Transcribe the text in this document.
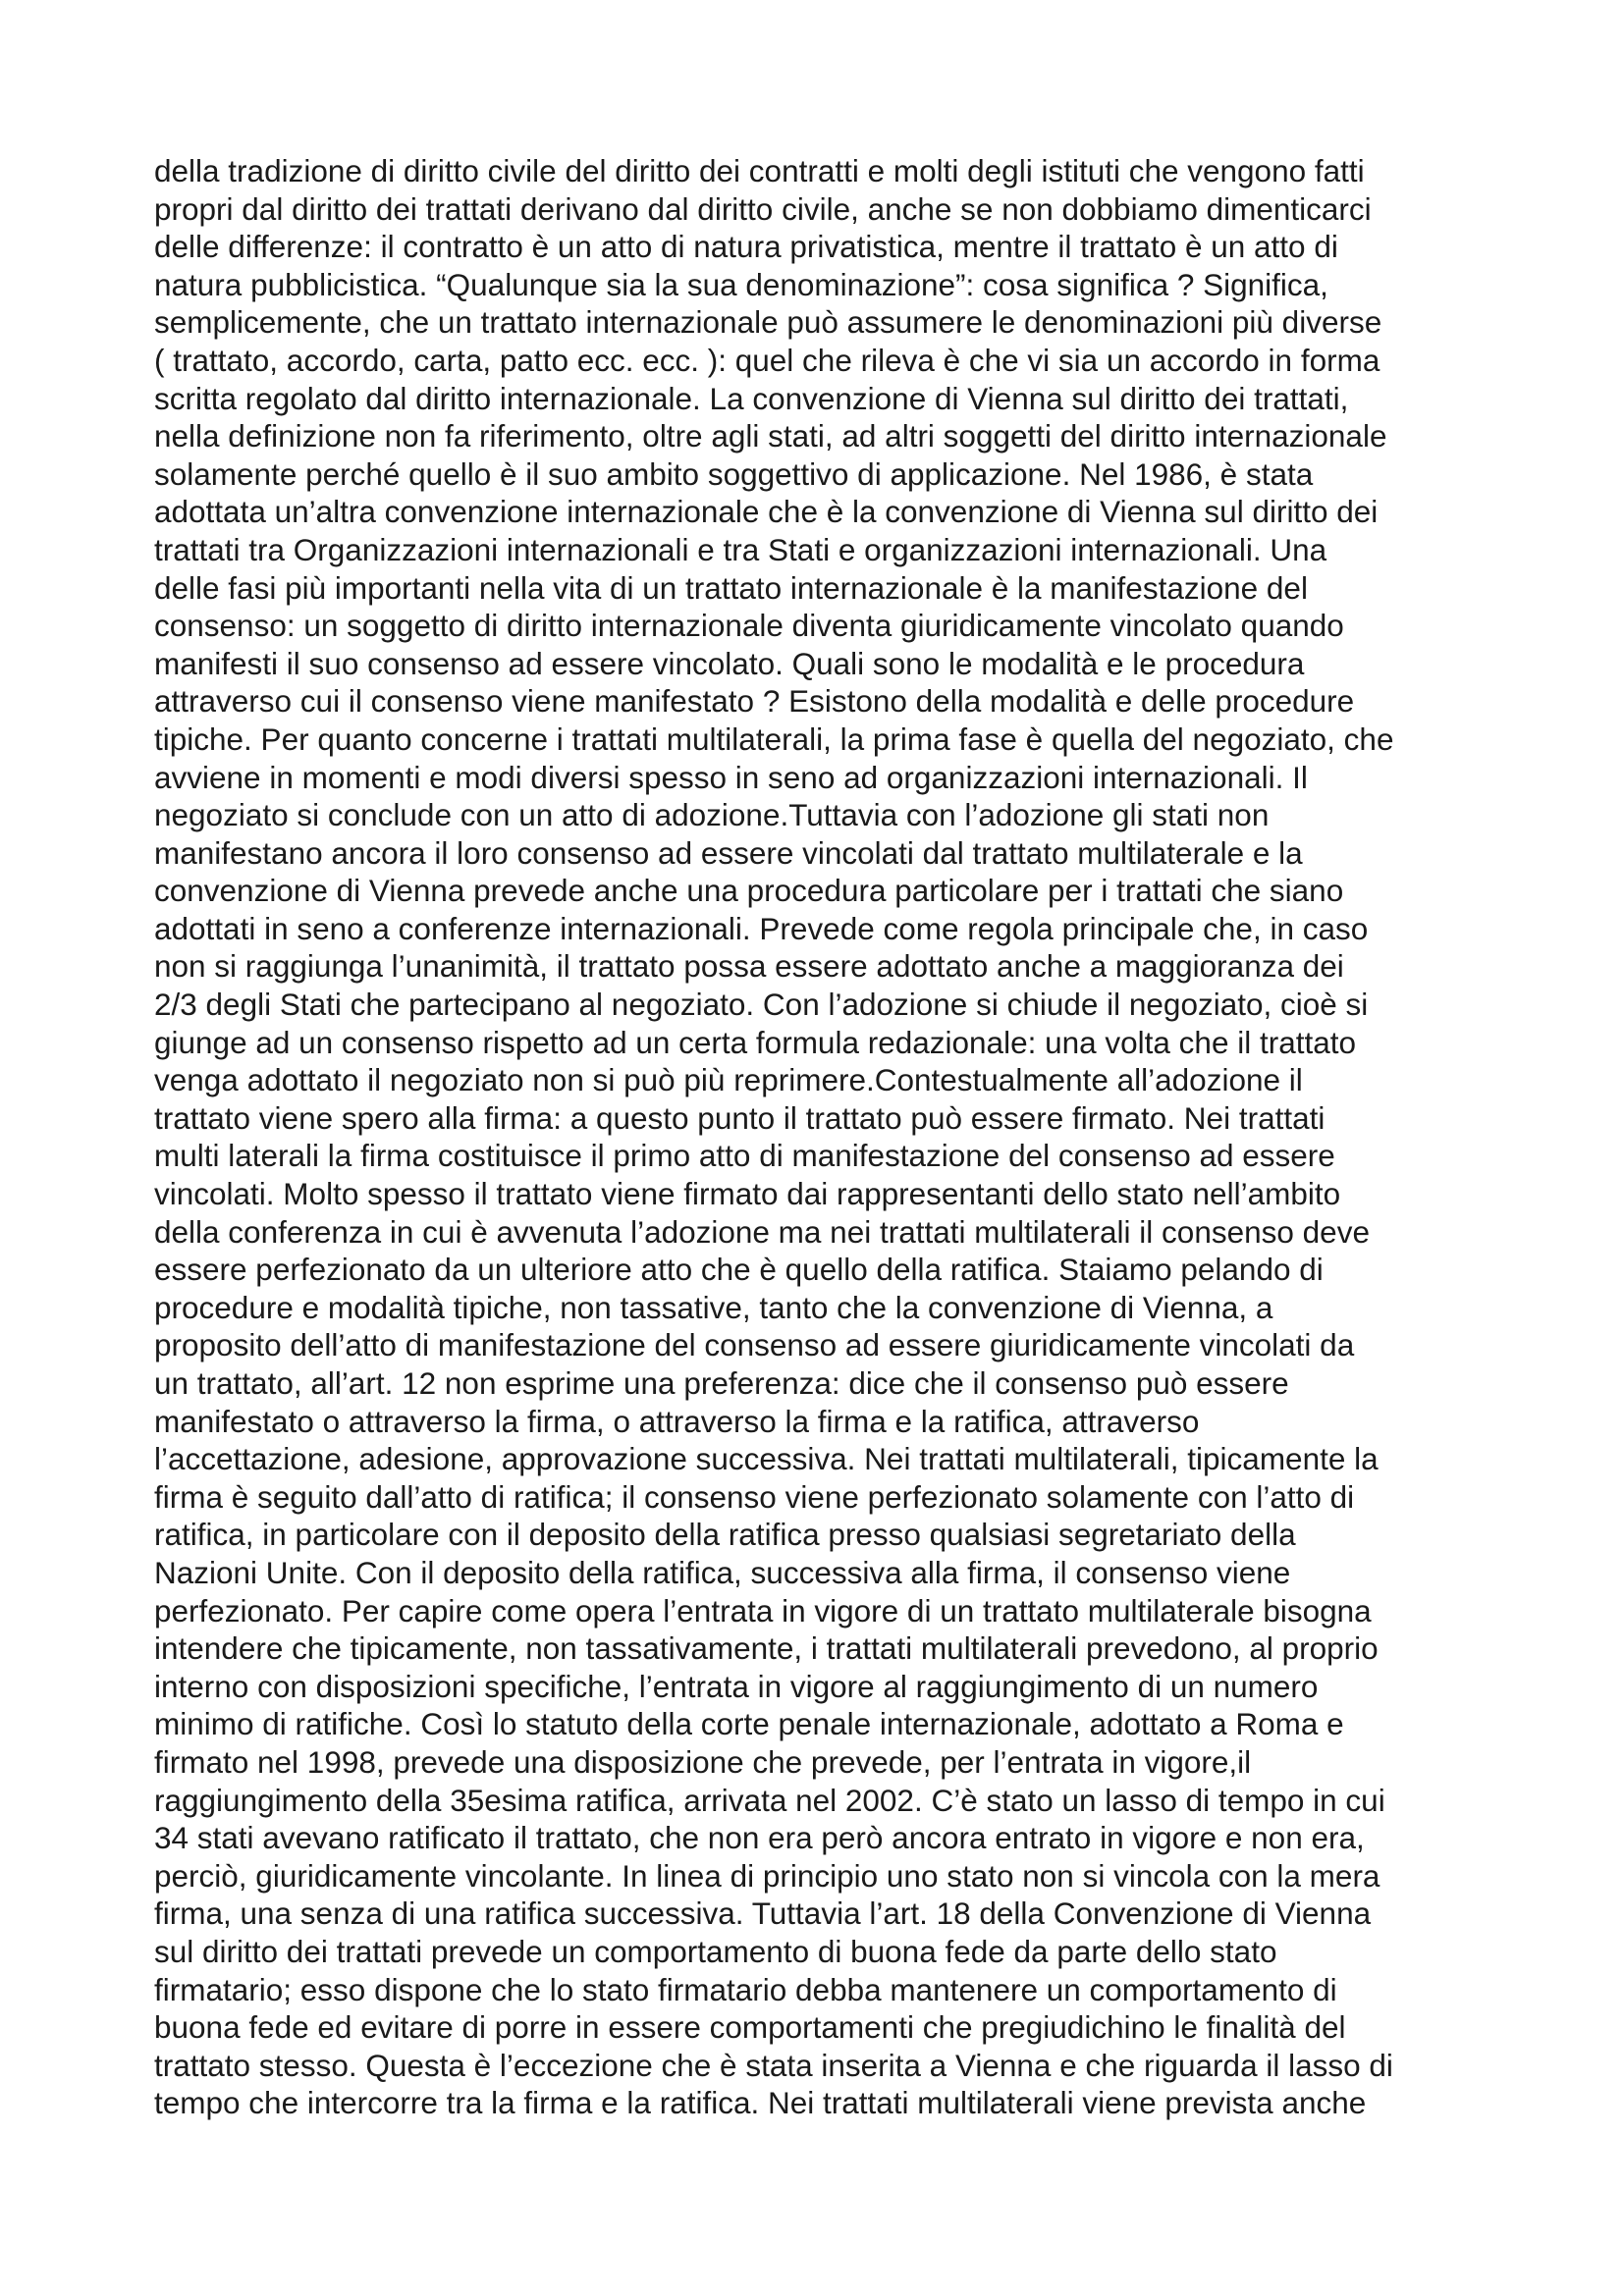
della tradizione di diritto civile del diritto dei contratti e molti degli istituti che vengono fatti
propri dal diritto dei trattati derivano dal diritto civile, anche se non dobbiamo dimenticarci
delle differenze: il contratto è un atto di natura privatistica, mentre il trattato è un atto di
natura pubblicistica. “Qualunque sia la sua denominazione”: cosa significa ? Significa,
semplicemente, che un trattato internazionale può assumere le denominazioni più diverse
( trattato, accordo, carta, patto ecc. ecc. ): quel che rileva è che vi sia un accordo in forma
scritta regolato dal diritto internazionale. La convenzione di Vienna sul diritto dei trattati,
nella definizione non fa riferimento, oltre agli stati, ad altri soggetti del diritto internazionale
solamente perché quello è il suo ambito soggettivo di applicazione. Nel 1986, è stata
adottata un’altra convenzione internazionale che è la convenzione di Vienna sul diritto dei
trattati tra Organizzazioni internazionali e tra Stati e organizzazioni internazionali. Una
delle fasi più importanti nella vita di un trattato internazionale è la manifestazione del
consenso: un soggetto di diritto internazionale diventa giuridicamente vincolato quando
manifesti il suo consenso ad essere vincolato. Quali sono le modalità e le procedura
attraverso cui il consenso viene manifestato ? Esistono della modalità e delle procedure
tipiche. Per quanto concerne i trattati multilaterali, la prima fase è quella del negoziato, che
avviene in momenti e modi diversi spesso in seno ad organizzazioni internazionali. Il
negoziato si conclude con un atto di adozione.Tuttavia con l’adozione gli stati non
manifestano ancora il loro consenso ad essere vincolati dal trattato multilaterale e la
convenzione di Vienna prevede anche una procedura particolare per i trattati che siano
adottati in seno a conferenze internazionali. Prevede come regola principale che, in caso
non si raggiunga l’unanimità, il trattato possa essere adottato anche a maggioranza dei
2/3 degli Stati che partecipano al negoziato. Con l’adozione si chiude il negoziato, cioè si
giunge ad un consenso rispetto ad un certa formula redazionale: una volta che il trattato
venga adottato il negoziato non si può più reprimere.Contestualmente all’adozione il
trattato viene spero alla firma: a questo punto il trattato può essere firmato. Nei trattati
multi laterali la firma costituisce il primo atto di manifestazione del consenso ad essere
vincolati. Molto spesso il trattato viene firmato dai rappresentanti dello stato nell’ambito
della conferenza in cui è avvenuta l’adozione ma nei trattati multilaterali il consenso deve
essere perfezionato da un ulteriore atto che è quello della ratifica. Staiamo pelando di
procedure e modalità tipiche, non tassative, tanto che la convenzione di Vienna, a
proposito dell’atto di manifestazione del consenso ad essere giuridicamente vincolati da
un trattato, all’art. 12 non esprime una preferenza: dice che il consenso può essere
manifestato o attraverso la firma, o attraverso la firma e la ratifica, attraverso
l’accettazione, adesione, approvazione successiva. Nei trattati multilaterali, tipicamente la
firma è seguito dall’atto di ratifica; il consenso viene perfezionato solamente con l’atto di
ratifica, in particolare con il deposito della ratifica presso qualsiasi segretariato della
Nazioni Unite. Con il deposito della ratifica, successiva alla firma, il consenso viene
perfezionato. Per capire come opera l’entrata in vigore di un trattato multilaterale bisogna
intendere che tipicamente, non tassativamente, i trattati multilaterali prevedono, al proprio
interno con disposizioni specifiche, l’entrata in vigore al raggiungimento di un numero
minimo di ratifiche. Così lo statuto della corte penale internazionale, adottato a Roma e
firmato nel 1998, prevede una disposizione che prevede, per l’entrata in vigore,il
raggiungimento della 35esima ratifica, arrivata nel 2002. C’è stato un lasso di tempo in cui
34 stati avevano ratificato il trattato, che non era però ancora entrato in vigore e non era,
perciò, giuridicamente vincolante. In linea di principio uno stato non si vincola con la mera
firma, una senza di una ratifica successiva. Tuttavia l’art. 18 della Convenzione di Vienna
sul diritto dei trattati prevede un comportamento di buona fede da parte dello stato
firmatario; esso dispone che lo stato firmatario debba mantenere un comportamento di
buona fede ed evitare di porre in essere comportamenti che pregiudichino le finalità del
trattato stesso. Questa è l’eccezione che è stata inserita a Vienna e che riguarda il lasso di
tempo che intercorre tra la firma e la ratifica. Nei trattati multilaterali viene prevista anche
